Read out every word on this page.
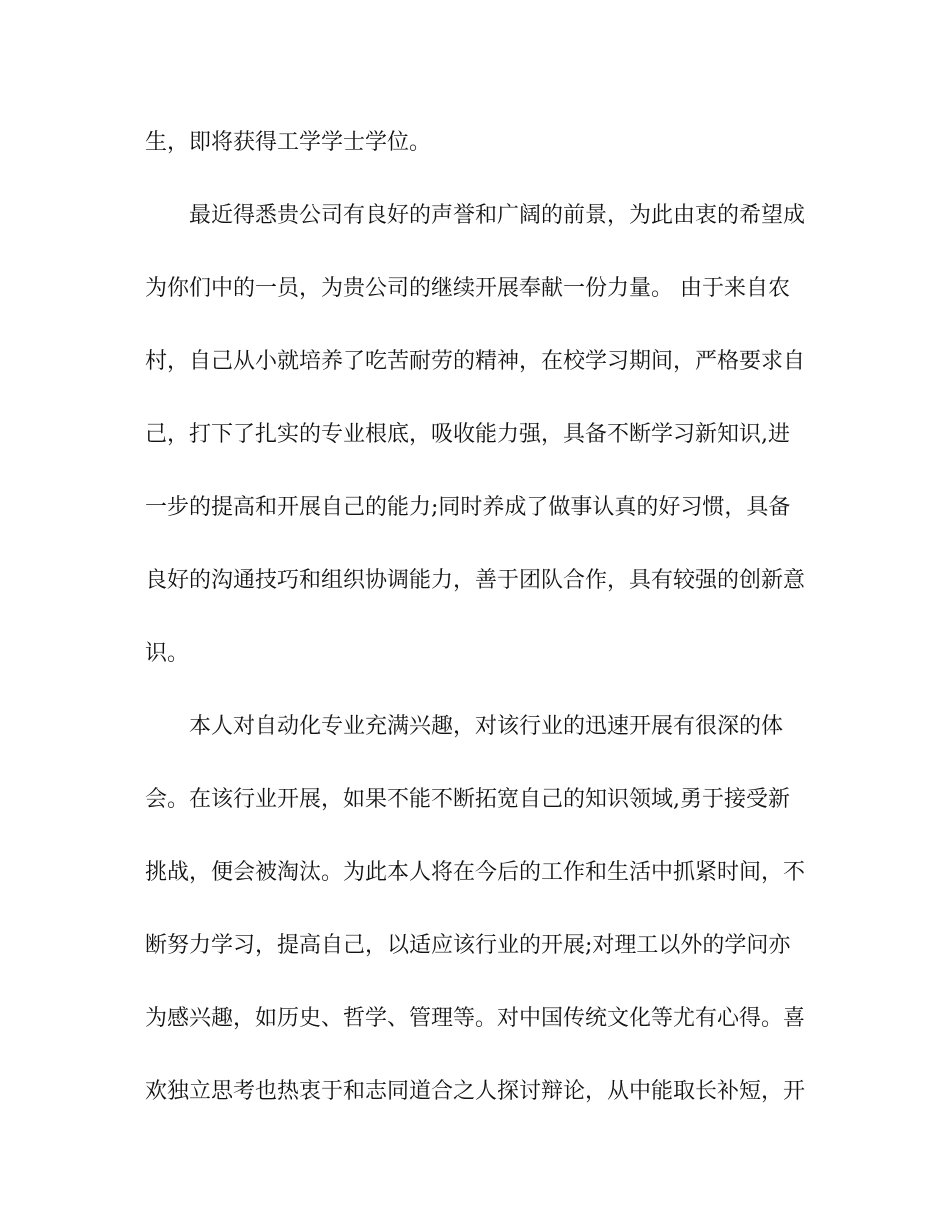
生，即将获得工学学士学位。
最近得悉贵公司有良好的声誉和广阔的前景，为此由衷的希望成
为你们中的一员，为贵公司的继续开展奉献一份力量。 由于来自农
村，自己从小就培养了吃苦耐劳的精神，在校学习期间，严格要求自
己，打下了扎实的专业根底，吸收能力强，具备不断学习新知识,进
一步的提高和开展自己的能力;同时养成了做事认真的好习惯，具备
良好的沟通技巧和组织协调能力，善于团队合作，具有较强的创新意
识。
本人对自动化专业充满兴趣，对该行业的迅速开展有很深的体
会。在该行业开展，如果不能不断拓宽自己的知识领域,勇于接受新
挑战，便会被淘汰。为此本人将在今后的工作和生活中抓紧时间，不
断努力学习，提高自己，以适应该行业的开展;对理工以外的学问亦
为感兴趣，如历史、哲学、管理等。对中国传统文化等尤有心得。喜
欢独立思考也热衷于和志同道合之人探讨辩论，从中能取长补短，开
